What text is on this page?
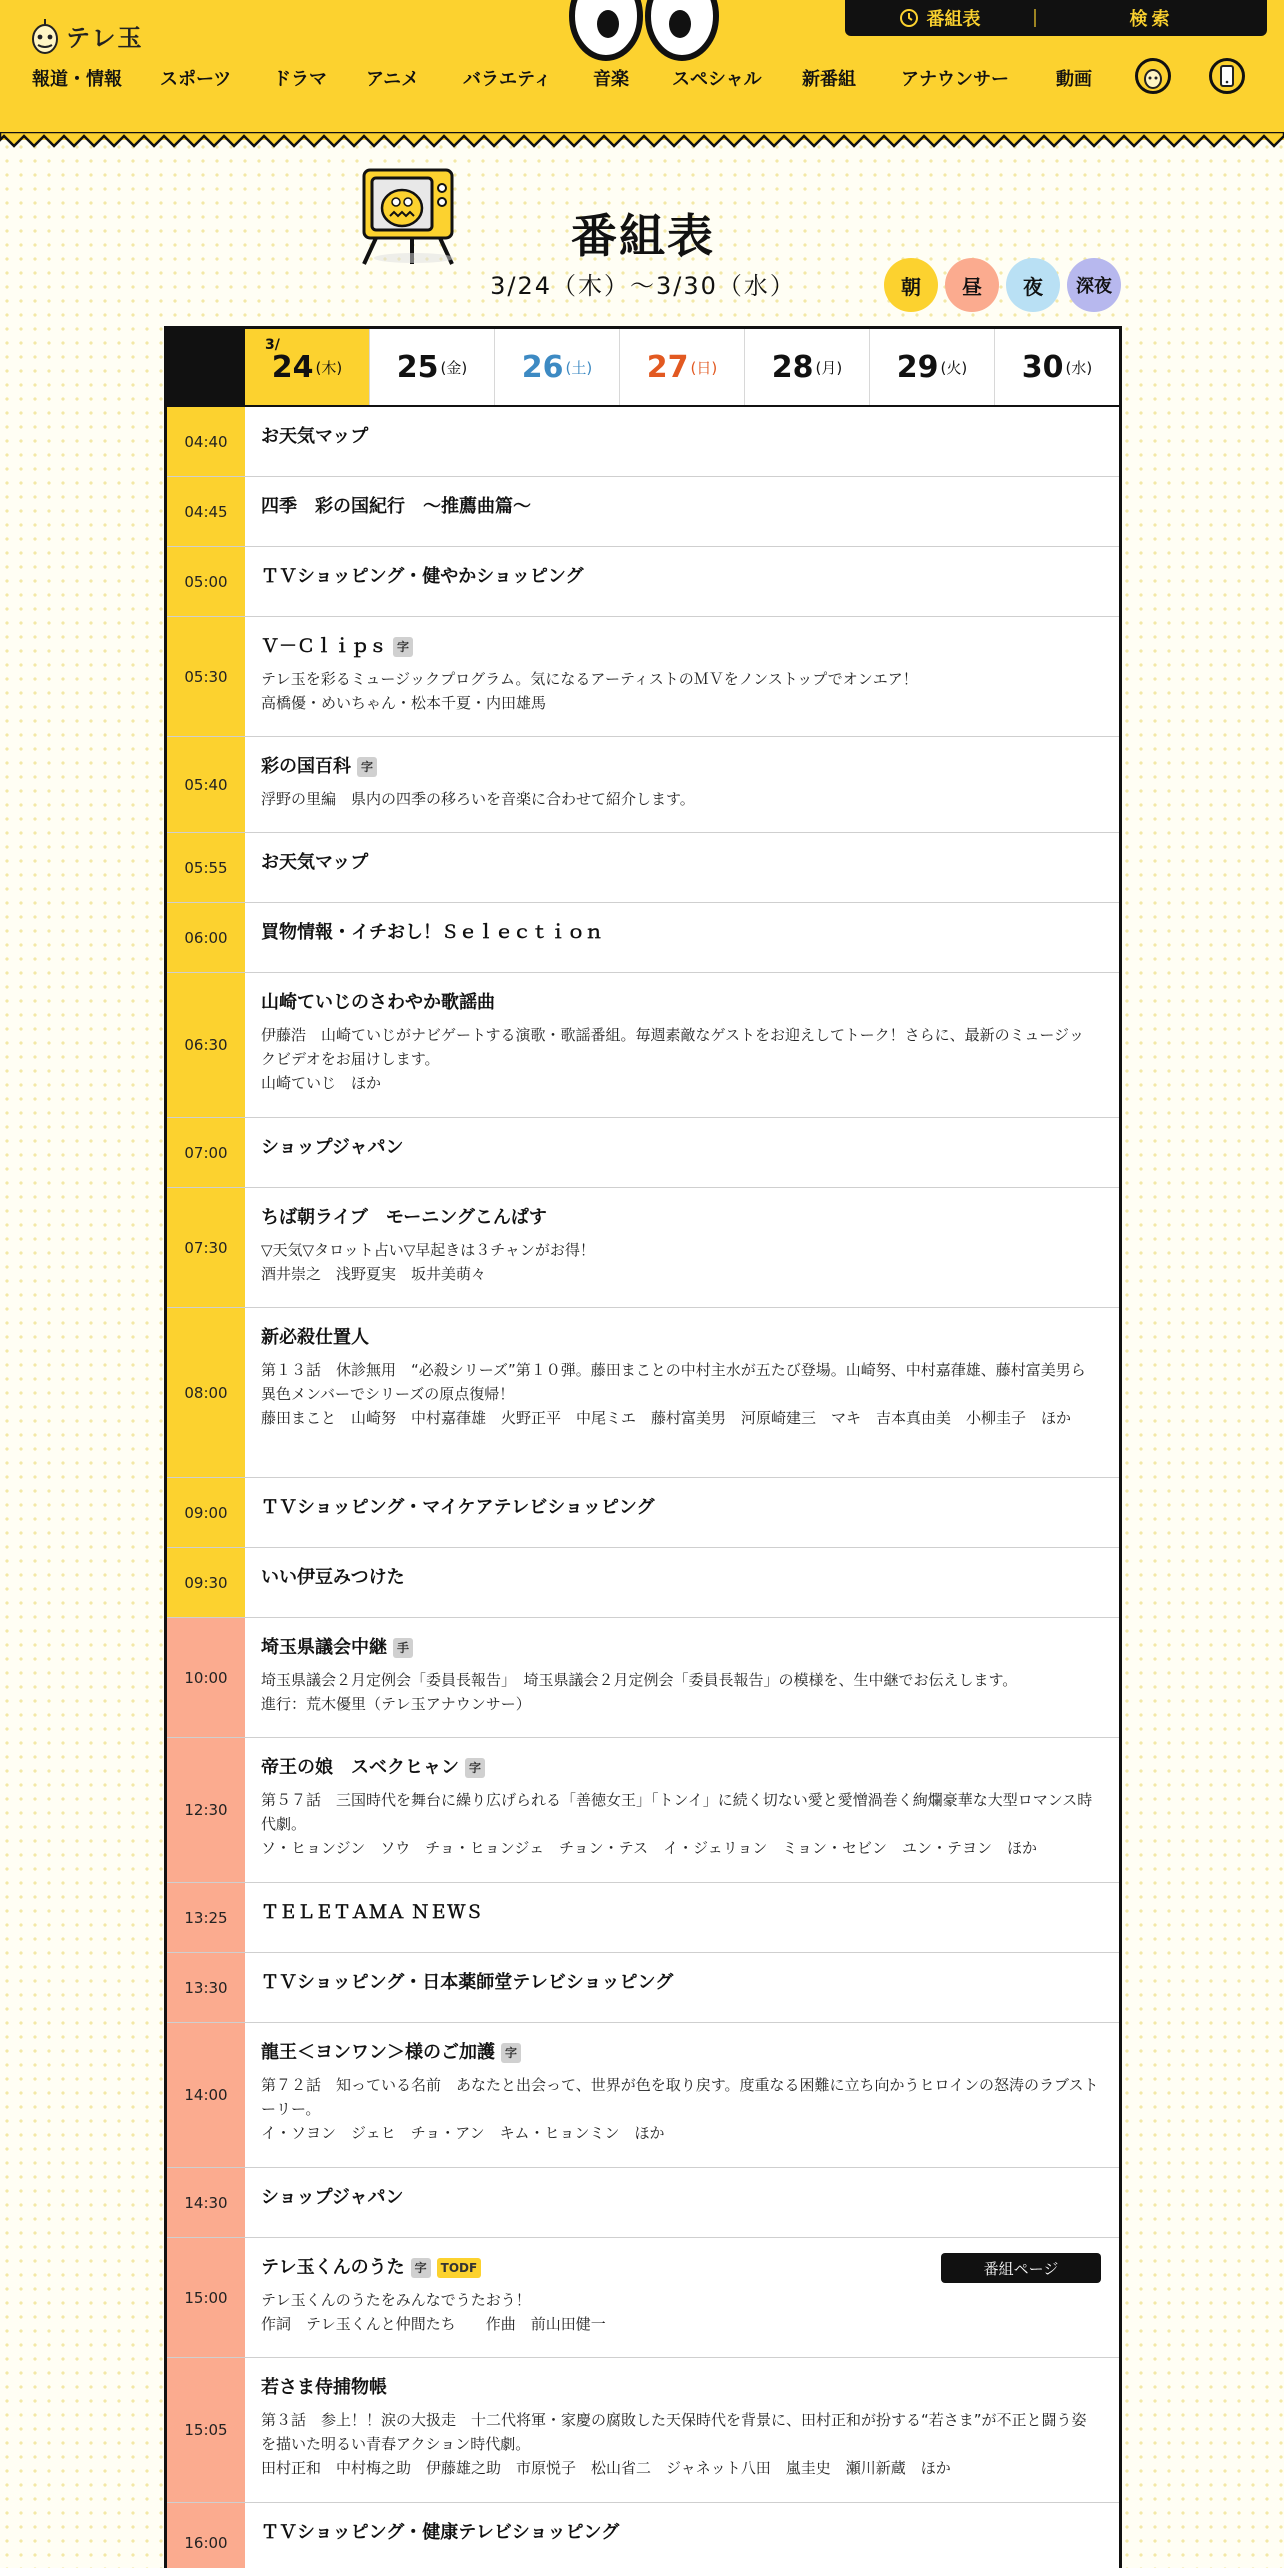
テレ玉
番組表	検索
報道・情報 スポーツ ドラマ アニメ バラエティ 音楽 スペシャル 新番組	アナウンサー	動画
番組表
3/24（木）〜3/30（水）	朝	昼	夜	深夜
3/
24 (木) 25 (金) 26 (土) 27 (日) 28 (月) 29 (火) 30 (水)
04:40	お天気マップ
04:45	四季　彩の国紀行　～推薦曲篇～
05:00	ＴＶショッピング・健やかショッピング
05:30
Ｖ－Ｃｌｉｐｓ 字
テレ玉を彩るミュージックプログラム。気になるアーティストのＭＶをノンストップでオンエア！
高橋優・めいちゃん・松本千夏・内田雄馬
05:40
彩の国百科 字
浮野の里編　県内の四季の移ろいを音楽に合わせて紹介します。
05:55	お天気マップ
06:00	買物情報・イチおし！Ｓｅｌｅｃｔｉｏｎ
06:30
山崎ていじのさわやか歌謡曲
伊藤浩　山崎ていじがナビゲートする演歌・歌謡番組。毎週素敵なゲストをお迎えしてトーク！さらに、最新のミュージックビデオをお届けします。
山崎ていじ　ほか
07:00	ショップジャパン
07:30
ちば朝ライブ　モーニングこんぱす
▽天気▽タロット占い▽早起きは３チャンがお得！
酒井崇之　浅野夏実　坂井美萌々
08:00
新必殺仕置人
第１３話　休診無用　“必殺シリーズ”第１０弾。藤田まことの中村主水が五たび登場。山崎努、中村嘉葎雄、藤村富美男ら異色メンバーでシリーズの原点復帰！
藤田まこと　山崎努　中村嘉葎雄　火野正平　中尾ミエ　藤村富美男　河原崎建三　マキ　吉本真由美　小柳圭子　ほか
09:00	ＴＶショッピング・マイケアテレビショッピング
09:30	いい伊豆みつけた
10:00
埼玉県議会中継 手
埼玉県議会２月定例会「委員長報告」　埼玉県議会２月定例会「委員長報告」の模様を、生中継でお伝えします。
進行：荒木優里（テレ玉アナウンサー）
12:30
帝王の娘　スベクヒャン 字
第５７話　三国時代を舞台に繰り広げられる「善徳女王」「トンイ」に続く切ない愛と愛憎渦巻く絢爛豪華な大型ロマンス時代劇。
ソ・ヒョンジン　ソウ　チョ・ヒョンジェ　チョン・テス　イ・ジェリョン　ミョン・セビン　ユン・テヨン　ほか
13:25	ＴＥＬＥＴＡＭＡ ＮＥＷＳ
13:30	ＴＶショッピング・日本薬師堂テレビショッピング
14:00
龍王＜ヨンワン＞様のご加護 字
第７２話　知っている名前　あなたと出会って、世界が色を取り戻す。度重なる困難に立ち向かうヒロインの怒涛のラブストーリー。
イ・ソヨン　ジェヒ　チョ・アン　キム・ヒョンミン　ほか
14:30	ショップジャパン
15:00
テレ玉くんのうた 字	TODF
テレ玉くんのうたをみんなでうたおう！
作詞　テレ玉くんと仲間たち　　作曲　前山田健一
番組ページ
15:05
若さま侍捕物帳
第３話　参上！！涙の大扱走　十二代将軍・家慶の腐敗した天保時代を背景に、田村正和が扮する“若さま”が不正と闘う姿を描いた明るい青春アクション時代劇。
田村正和　中村梅之助　伊藤雄之助　市原悦子　松山省二　ジャネット八田　嵐圭史　瀬川新蔵　ほか
16:00	ＴＶショッピング・健康テレビショッピング
